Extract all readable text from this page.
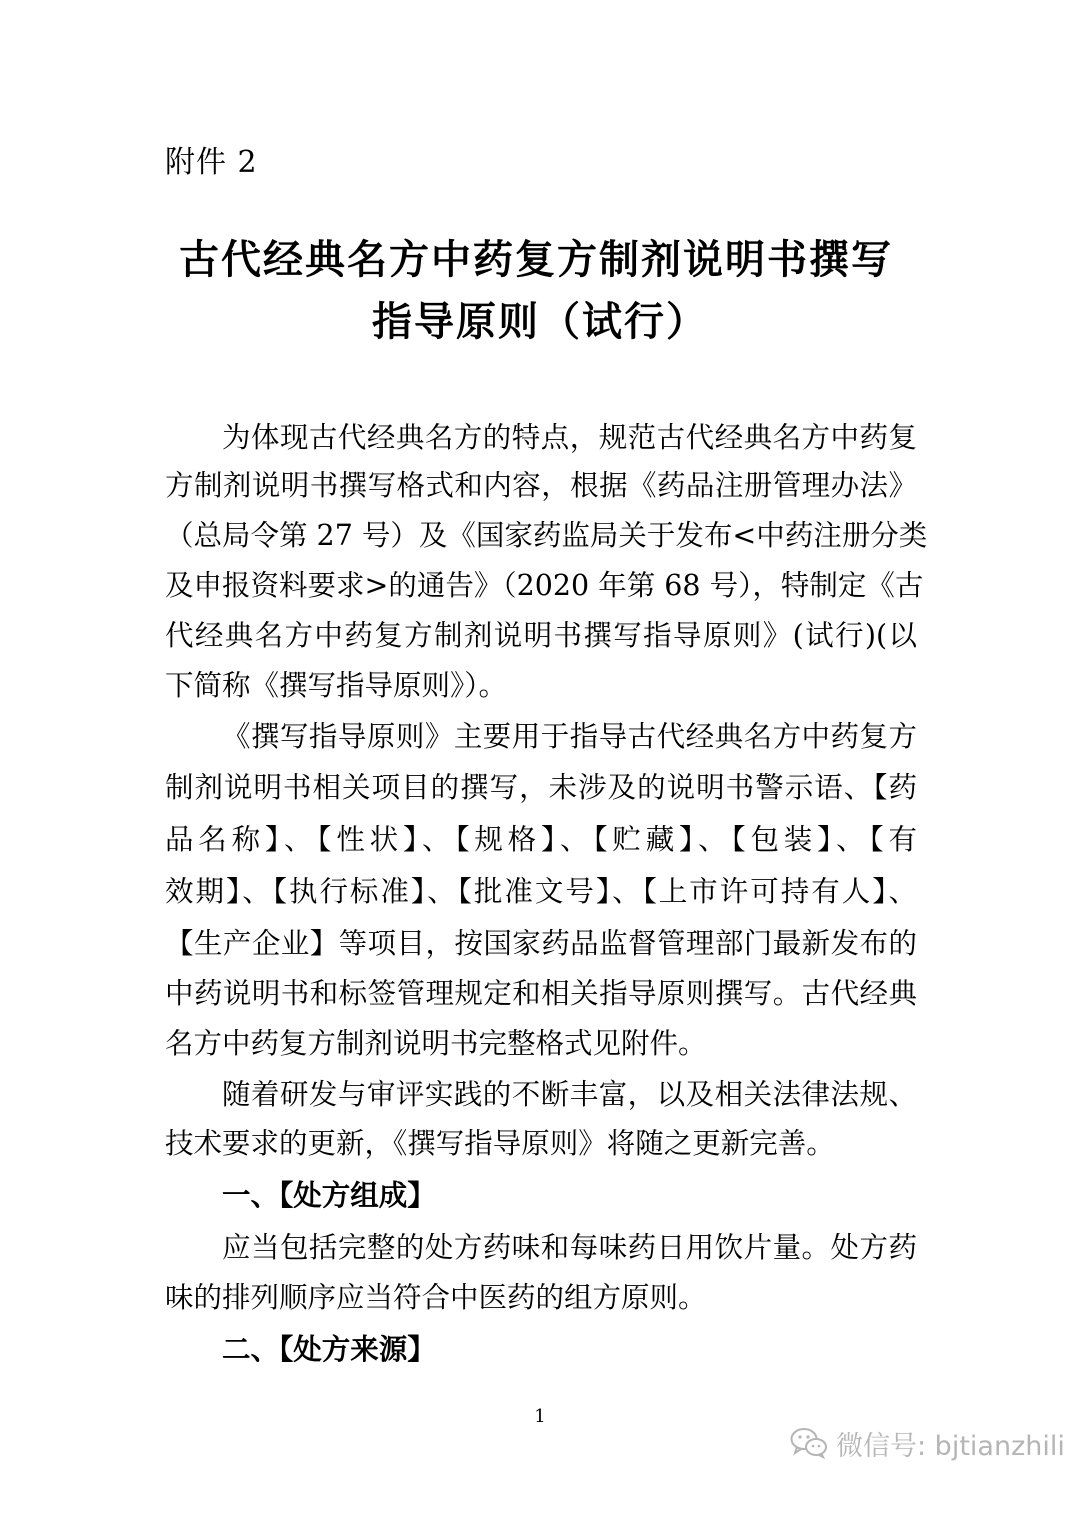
附件 2
古代经典名方中药复方制剂说明书撰写
指导原则（试行）
为体现古代经典名方的特点，规范古代经典名方中药复
方制剂说明书撰写格式和内容，根据《药品注册管理办法》
（总局令第 27 号）及《国家药监局关于发布<中药注册分类
及申报资料要求>的通告》（2020 年第 68 号），特制定《古
代经典名方中药复方制剂说明书撰写指导原则》(试行)(以
下简称《撰写指导原则》）。
《撰写指导原则》主要用于指导古代经典名方中药复方
制剂说明书相关项目的撰写，未涉及的说明书警示语、【药
品名称】、【性状】、【规格】、【贮藏】、【包装】、【有
效期】、【执行标准】、【批准文号】、【上市许可持有人】、
【生产企业】等项目，按国家药品监督管理部门最新发布的
中药说明书和标签管理规定和相关指导原则撰写。古代经典
名方中药复方制剂说明书完整格式见附件。
随着研发与审评实践的不断丰富，以及相关法律法规、
技术要求的更新，《撰写指导原则》将随之更新完善。
一、【处方组成】
应当包括完整的处方药味和每味药日用饮片量。处方药
味的排列顺序应当符合中医药的组方原则。
二、【处方来源】
1
微信号: bjtianzhili
